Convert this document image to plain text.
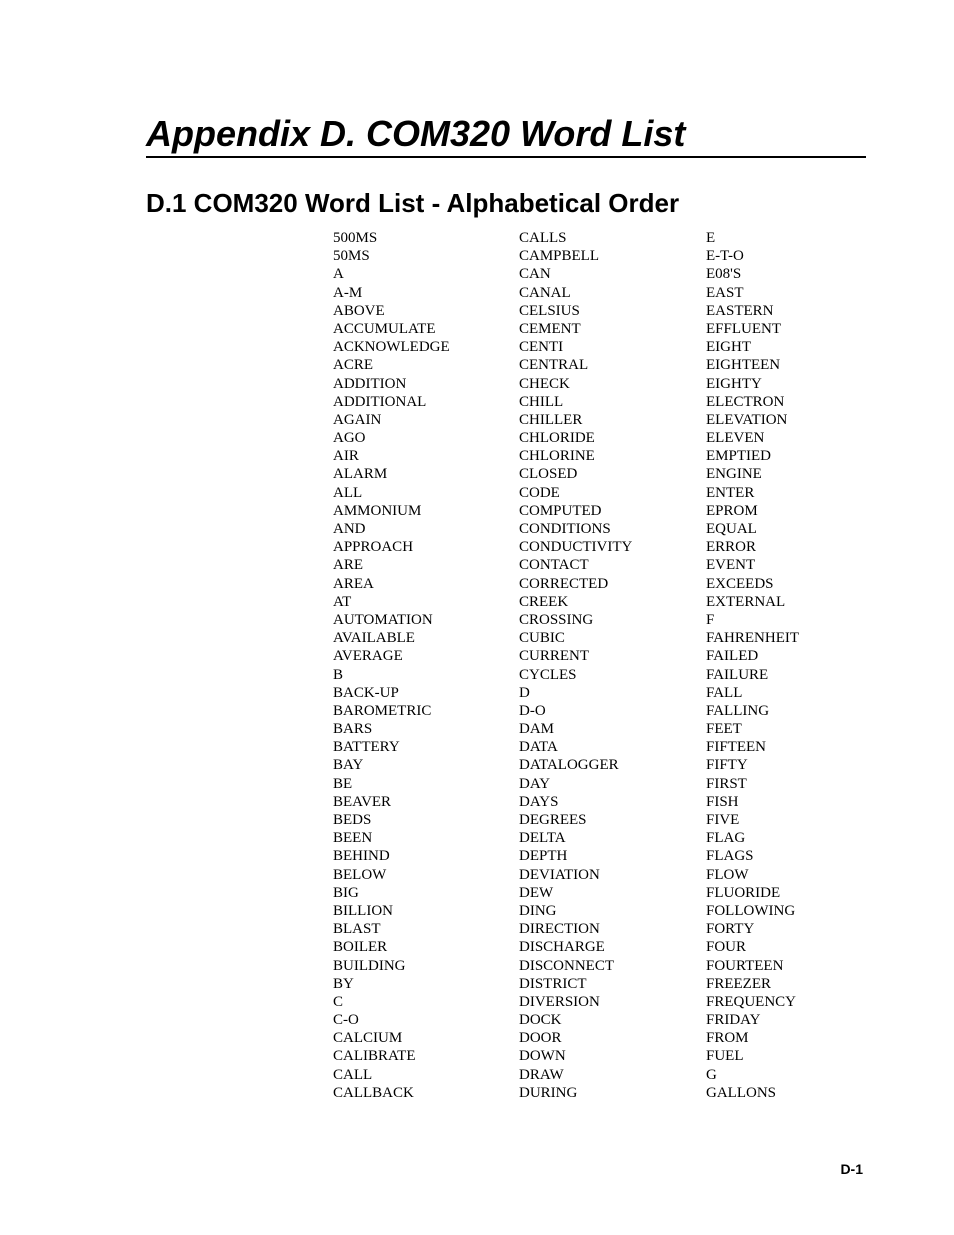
Appendix D. COM320 Word List
D.1 COM320 Word List - Alphabetical Order
500MS
50MS
A
A-M
ABOVE
ACCUMULATE
ACKNOWLEDGE
ACRE
ADDITION
ADDITIONAL
AGAIN
AGO
AIR
ALARM
ALL
AMMONIUM
AND
APPROACH
ARE
AREA
AT
AUTOMATION
AVAILABLE
AVERAGE
B
BACK-UP
BAROMETRIC
BARS
BATTERY
BAY
BE
BEAVER
BEDS
BEEN
BEHIND
BELOW
BIG
BILLION
BLAST
BOILER
BUILDING
BY
C
C-O
CALCIUM
CALIBRATE
CALL
CALLBACK
CALLS
CAMPBELL
CAN
CANAL
CELSIUS
CEMENT
CENTI
CENTRAL
CHECK
CHILL
CHILLER
CHLORIDE
CHLORINE
CLOSED
CODE
COMPUTED
CONDITIONS
CONDUCTIVITY
CONTACT
CORRECTED
CREEK
CROSSING
CUBIC
CURRENT
CYCLES
D
D-O
DAM
DATA
DATALOGGER
DAY
DAYS
DEGREES
DELTA
DEPTH
DEVIATION
DEW
DING
DIRECTION
DISCHARGE
DISCONNECT
DISTRICT
DIVERSION
DOCK
DOOR
DOWN
DRAW
DURING
E
E-T-O
E08'S
EAST
EASTERN
EFFLUENT
EIGHT
EIGHTEEN
EIGHTY
ELECTRON
ELEVATION
ELEVEN
EMPTIED
ENGINE
ENTER
EPROM
EQUAL
ERROR
EVENT
EXCEEDS
EXTERNAL
F
FAHRENHEIT
FAILED
FAILURE
FALL
FALLING
FEET
FIFTEEN
FIFTY
FIRST
FISH
FIVE
FLAG
FLAGS
FLOW
FLUORIDE
FOLLOWING
FORTY
FOUR
FOURTEEN
FREEZER
FREQUENCY
FRIDAY
FROM
FUEL
G
GALLONS
D-1
